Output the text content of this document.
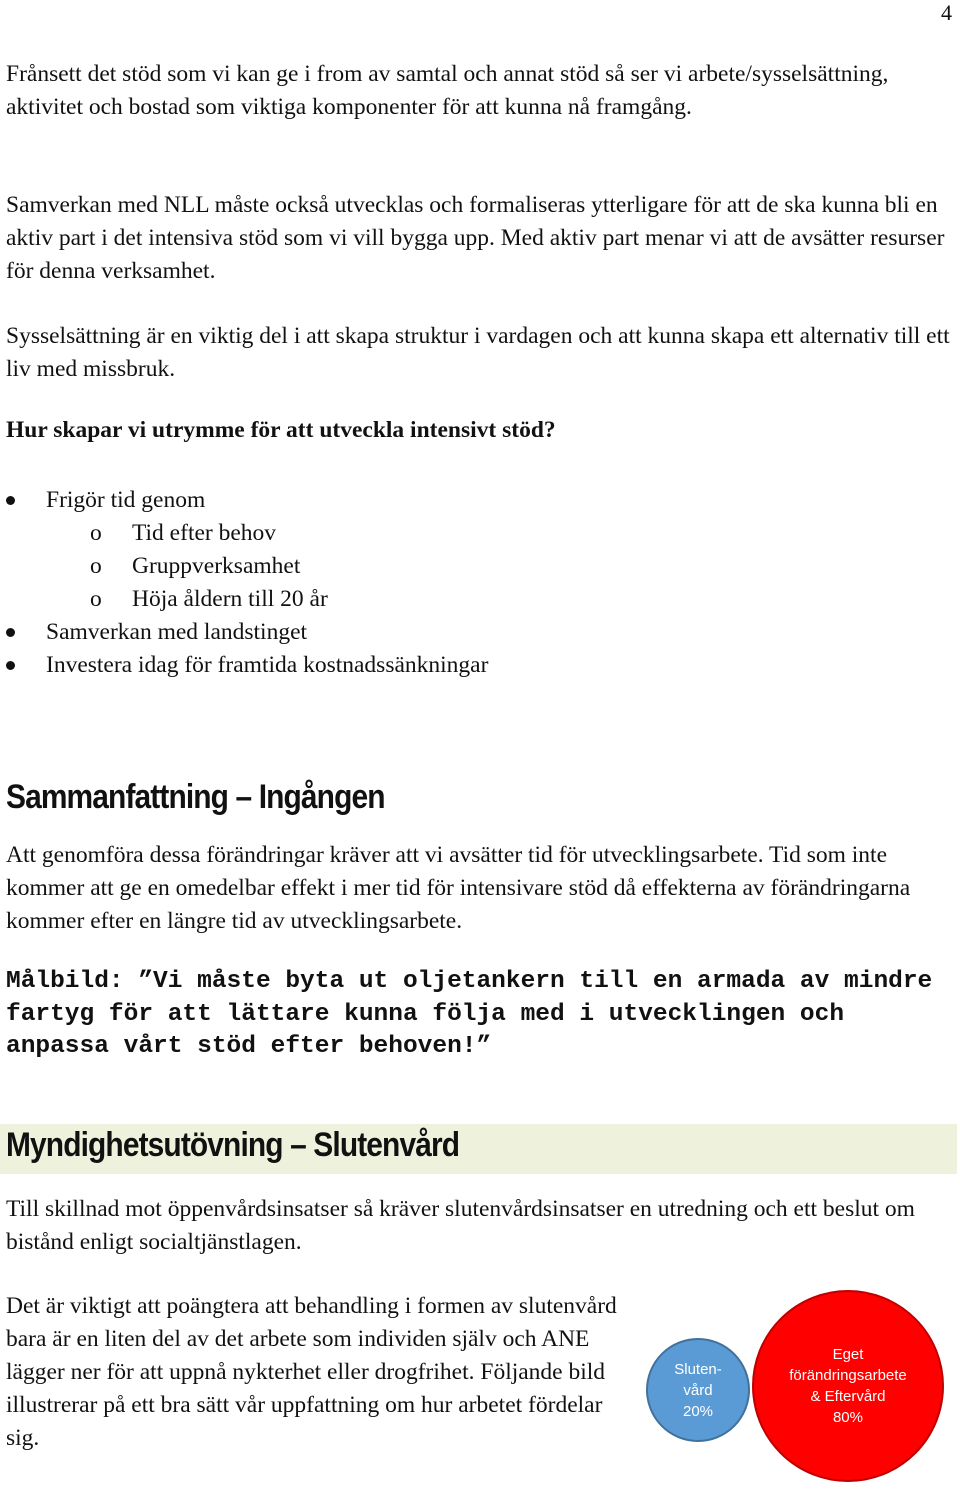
4

Frånsett det stöd som vi kan ge i from av samtal och annat stöd så ser vi arbete/sysselsättning, aktivitet och bostad som viktiga komponenter för att kunna nå framgång.

Samverkan med NLL måste också utvecklas och formaliseras ytterligare för att de ska kunna bli en aktiv part i det intensiva stöd som vi vill bygga upp. Med aktiv part menar vi att de avsätter resurser för denna verksamhet.

Sysselsättning är en viktig del i att skapa struktur i vardagen och att kunna skapa ett alternativ till ett liv med missbruk.

Hur skapar vi utrymme för att utveckla intensivt stöd?

Frigör tid genom
o Tid efter behov
o Gruppverksamhet
o Höja åldern till 20 år
Samverkan med landstinget
Investera idag för framtida kostnadssänkningar
Sammanfattning – Ingången

Att genomföra dessa förändringar kräver att vi avsätter tid för utvecklingsarbete. Tid som inte kommer att ge en omedelbar effekt i mer tid för intensivare stöd då effekterna av förändringarna kommer efter en längre tid av utvecklingsarbete.

Målbild: ”Vi måste byta ut oljetankern till en armada av mindre fartyg för att lättare kunna följa med i utvecklingen och anpassa vårt stöd efter behoven!”

Myndighetsutövning – Slutenvård

Till skillnad mot öppenvårdsinsatser så kräver slutenvårdsinsatser en utredning och ett beslut om bistånd enligt socialtjänstlagen.

Det är viktigt att poängtera att behandling i formen av slutenvård bara är en liten del av det arbete som individen själv och ANE lägger ner för att uppnå nykterhet eller drogfrihet. Följande bild illustrerar på ett bra sätt vår uppfattning om hur arbetet fördelar sig.

Sluten-
vård
20%
Eget
förändringsarbete
& Eftervård
80%
